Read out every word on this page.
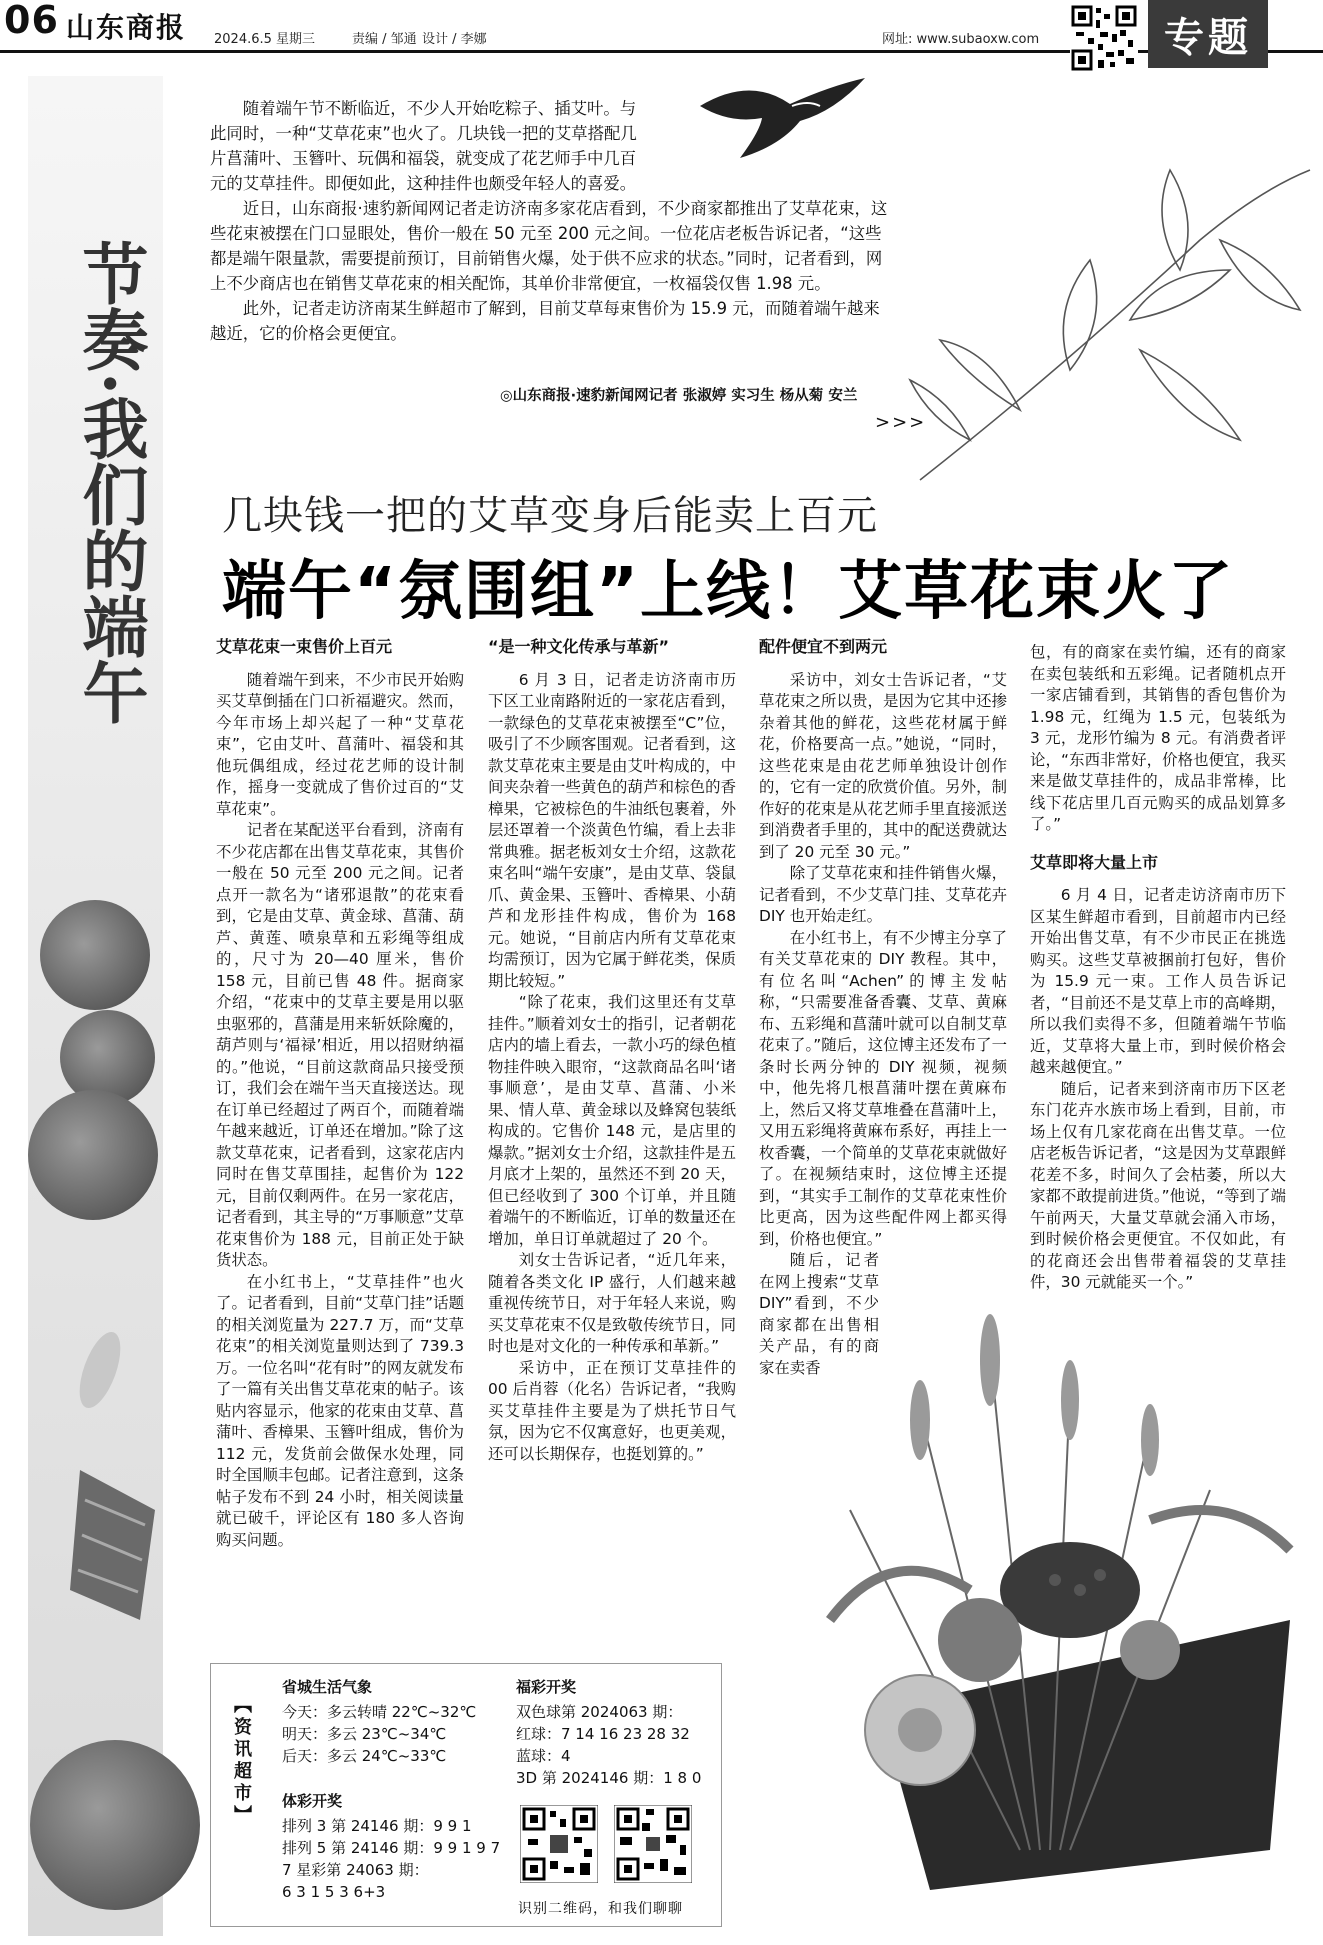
06 山东商报 2024.6.5 星期三	责编 / 邹通 设计 / 李娜	网址: www.subaoxw.com	专题
节奏·我们的端午

随着端午节不断临近，不少人开始吃粽子、插艾叶。与此同时，一种“艾草花束”也火了。几块钱一把的艾草搭配几片菖蒲叶、玉簪叶、玩偶和福袋，就变成了花艺师手中几百元的艾草挂件。即便如此，这种挂件也颇受年轻人的喜爱。

近日，山东商报·速豹新闻网记者走访济南多家花店看到，不少商家都推出了艾草花束，这些花束被摆在门口显眼处，售价一般在 50 元至 200 元之间。一位花店老板告诉记者，“这些都是端午限量款，需要提前预订，目前销售火爆，处于供不应求的状态。”同时，记者看到，网上不少商店也在销售艾草花束的相关配饰，其单价非常便宜，一枚福袋仅售 1.98 元。

此外，记者走访济南某生鲜超市了解到，目前艾草每束售价为 15.9 元，而随着端午越来越近，它的价格会更便宜。

◎山东商报·速豹新闻网记者 张淑婷 实习生 杨从菊 安兰
>>>
几块钱一把的艾草变身后能卖上百元
端午“氛围组”上线！艾草花束火了
艾草花束一束售价上百元

随着端午到来，不少市民开始购买艾草倒插在门口祈福避灾。然而，今年市场上却兴起了一种“艾草花束”，它由艾叶、菖蒲叶、福袋和其他玩偶组成，经过花艺师的设计制作，摇身一变就成了售价过百的“艾草花束”。

记者在某配送平台看到，济南有不少花店都在出售艾草花束，其售价一般在 50 元至 200 元之间。记者点开一款名为“诸邪退散”的花束看到，它是由艾草、黄金球、菖蒲、葫芦、黄莲、喷泉草和五彩绳等组成的，尺寸为 20—40 厘米，售价 158 元，目前已售 48 件。据商家介绍，“花束中的艾草主要是用以驱虫驱邪的，菖蒲是用来斩妖除魔的，葫芦则与‘福禄’相近，用以招财纳福的。”他说，“目前这款商品只接受预订，我们会在端午当天直接送达。现在订单已经超过了两百个，而随着端午越来越近，订单还在增加。”除了这款艾草花束，记者看到，这家花店内同时在售艾草围挂，起售价为 122 元，目前仅剩两件。在另一家花店，记者看到，其主导的“万事顺意”艾草花束售价为 188 元，目前正处于缺货状态。

在小红书上，“艾草挂件”也火了。记者看到，目前“艾草门挂”话题的相关浏览量为 227.7 万，而“艾草花束”的相关浏览量则达到了 739.3 万。一位名叫“花有时”的网友就发布了一篇有关出售艾草花束的帖子。该贴内容显示，他家的花束由艾草、菖蒲叶、香樟果、玉簪叶组成，售价为 112 元，发货前会做保水处理，同时全国顺丰包邮。记者注意到，这条帖子发布不到 24 小时，相关阅读量就已破千，评论区有 180 多人咨询购买问题。

“是一种文化传承与革新”

6 月 3 日，记者走访济南市历下区工业南路附近的一家花店看到，一款绿色的艾草花束被摆至“C”位，吸引了不少顾客围观。记者看到，这款艾草花束主要是由艾叶构成的，中间夹杂着一些黄色的葫芦和棕色的香樟果，它被棕色的牛油纸包裹着，外层还罩着一个淡黄色竹编，看上去非常典雅。据老板刘女士介绍，这款花束名叫“端午安康”，是由艾草、袋鼠爪、黄金果、玉簪叶、香樟果、小葫芦和龙形挂件构成，售价为 168 元。她说，“目前店内所有艾草花束均需预订，因为它属于鲜花类，保质期比较短。”

“除了花束，我们这里还有艾草挂件。”顺着刘女士的指引，记者朝花店内的墙上看去，一款小巧的绿色植物挂件映入眼帘，“这款商品名叫‘诸事顺意’，是由艾草、菖蒲、小米果、情人草、黄金球以及蜂窝包装纸构成的。它售价 148 元，是店里的爆款。”据刘女士介绍，这款挂件是五月底才上架的，虽然还不到 20 天，但已经收到了 300 个订单，并且随着端午的不断临近，订单的数量还在增加，单日订单就超过了 20 个。

刘女士告诉记者，“近几年来，随着各类文化 IP 盛行，人们越来越重视传统节日，对于年轻人来说，购买艾草花束不仅是致敬传统节日，同时也是对文化的一种传承和革新。”

采访中，正在预订艾草挂件的 00 后肖蓉（化名）告诉记者，“我购买艾草挂件主要是为了烘托节日气氛，因为它不仅寓意好，也更美观，还可以长期保存，也挺划算的。”

配件便宜不到两元

采访中，刘女士告诉记者，“艾草花束之所以贵，是因为它其中还掺杂着其他的鲜花，这些花材属于鲜花，价格要高一点。”她说，“同时，这些花束是由花艺师单独设计创作的，它有一定的欣赏价值。另外，制作好的花束是从花艺师手里直接派送到消费者手里的，其中的配送费就达到了 20 元至 30 元。”

除了艾草花束和挂件销售火爆，记者看到，不少艾草门挂、艾草花卉 DIY 也开始走红。

在小红书上，有不少博主分享了有关艾草花束的 DIY 教程。其中，有位名叫“Achen”的博主发帖称，“只需要准备香囊、艾草、黄麻布、五彩绳和菖蒲叶就可以自制艾草花束了。”随后，这位博主还发布了一条时长两分钟的 DIY 视频，视频中，他先将几根菖蒲叶摆在黄麻布上，然后又将艾草堆叠在菖蒲叶上，又用五彩绳将黄麻布系好，再挂上一枚香囊，一个简单的艾草花束就做好了。在视频结束时，这位博主还提到，“其实手工制作的艾草花束性价比更高，因为这些配件网上都买得到，价格也便宜。”

随后，记者在网上搜索“艾草 DIY”看到，不少商家都在出售相关产品，有的商家在卖香

包，有的商家在卖竹编，还有的商家在卖包装纸和五彩绳。记者随机点开一家店铺看到，其销售的香包售价为 1.98 元，红绳为 1.5 元，包装纸为 3 元，龙形竹编为 8 元。有消费者评论，“东西非常好，价格也便宜，我买来是做艾草挂件的，成品非常棒，比线下花店里几百元购买的成品划算多了。”

艾草即将大量上市

6 月 4 日，记者走访济南市历下区某生鲜超市看到，目前超市内已经开始出售艾草，有不少市民正在挑选购买。这些艾草被捆前打包好，售价为 15.9 元一束。工作人员告诉记者，“目前还不是艾草上市的高峰期，所以我们卖得不多，但随着端午节临近，艾草将大量上市，到时候价格会越来越便宜。”

随后，记者来到济南市历下区老东门花卉水族市场上看到，目前，市场上仅有几家花商在出售艾草。一位店老板告诉记者，“这是因为艾草跟鲜花差不多，时间久了会枯萎，所以大家都不敢提前进货。”他说，“等到了端午前两天，大量艾草就会涌入市场，到时候价格会更便宜。不仅如此，有的花商还会出售带着福袋的艾草挂件，30 元就能买一个。”

【资讯超市】

省城生活气象

今天：多云转晴 22℃~32℃

明天：多云 23℃~34℃

后天：多云 24℃~33℃

体彩开奖

排列 3 第 24146 期：9 9 1

排列 5 第 24146 期：9 9 1 9 7

7 星彩第 24063 期：

6 3 1 5 3 6+3

福彩开奖

双色球第 2024063 期：

红球：7 14 16 23 28 32

蓝球：4

3D 第 2024146 期：1 8 0

识别二维码，和我们聊聊
